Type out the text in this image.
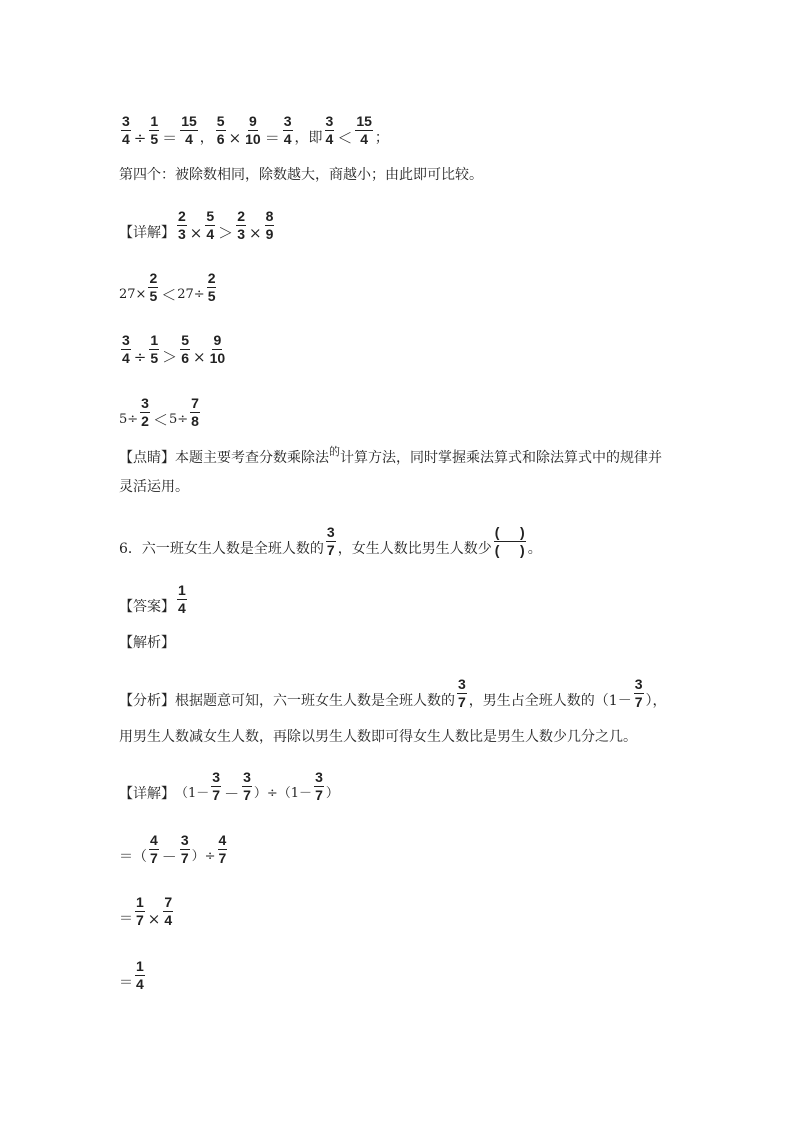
$\frac{3}{4} \div \frac{1}{5} = \frac{15}{4}$ ， $\frac{5}{6} \times \frac{9}{10} = \frac{3}{4}$ ，即 $\frac{3}{4} < \frac{15}{4}$ ；
第四个：被除数相同，除数越大，商越小；由此即可比较。
【详解】 $\frac{2}{3} \times \frac{5}{4} > \frac{2}{3} \times \frac{8}{9}$
$27\times \frac{2}{5} < 27\div \frac{2}{5}$
$\frac{3}{4} \div \frac{1}{5} > \frac{5}{6} \times \frac{9}{10}$
$5\div \frac{3}{2} < 5\div \frac{7}{8}$
【点睛】 本题主要考查分数乘除法 的 计算方法，同时掌握乘法算式和除法算式中的规律并
灵活运用。
6．六一班女生人数是全班人数的 $\frac{3}{7}$ ，女生人数比男生人数少 $\frac{( )}{( )}$ 。
【答案】 $\frac{1}{4}$
【解析】
【分析】 根据题意可知，六一班女生人数是全班人数的 $\frac{3}{7}$ ，男生占全班人数的（$1- \frac{3}{7}$ ），
用男生人数减女生人数，再除以男生人数即可得女生人数比是男生人数少几分之几。
【详解】 $(1- \frac{3}{7} - \frac{3}{7} )\div(1- \frac{3}{7}$ ）
＝（ $\frac{4}{7} - \frac{3}{7}$ ）÷ $\frac{4}{7}$
＝ $\frac{1}{7} \times \frac{7}{4}$
＝ $\frac{1}{4}$
